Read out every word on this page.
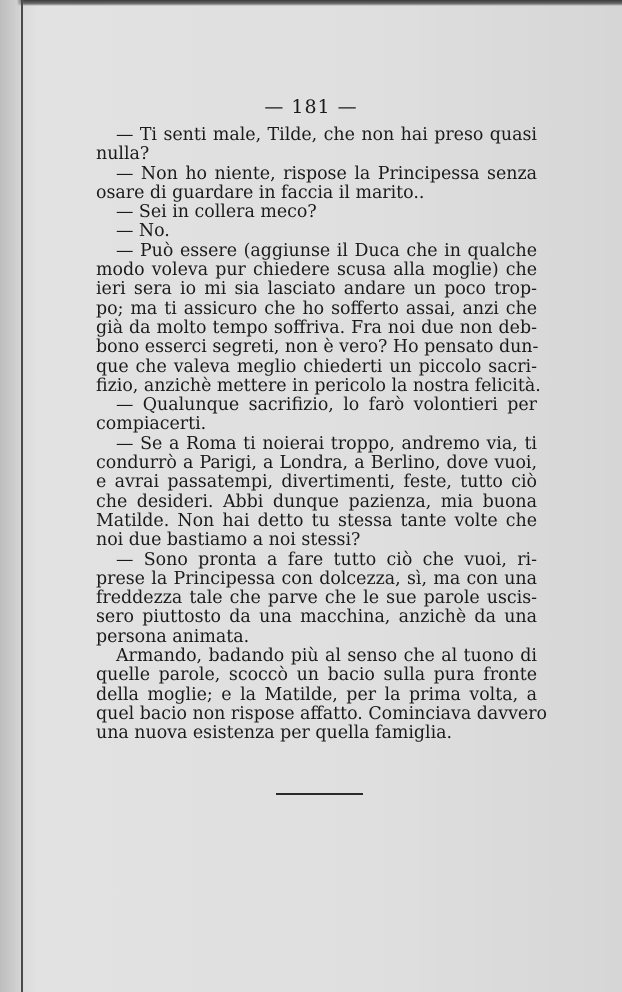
— 181 —
— Ti senti male, Tilde, che non hai preso quasi
nulla?
— Non ho niente, rispose la Principessa senza
osare di guardare in faccia il marito..
— Sei in collera meco?
— No.
— Può essere (aggiunse il Duca che in qualche
modo voleva pur chiedere scusa alla moglie) che
ieri sera io mi sia lasciato andare un poco trop-
po; ma ti assicuro che ho sofferto assai, anzi che
già da molto tempo soffriva. Fra noi due non deb-
bono esserci segreti, non è vero? Ho pensato dun-
que che valeva meglio chiederti un piccolo sacri-
fizio, anzichè mettere in pericolo la nostra felicità.
— Qualunque sacrifizio, lo farò volontieri per
compiacerti.
— Se a Roma ti noierai troppo, andremo via, ti
condurrò a Parigi, a Londra, a Berlino, dove vuoi,
e avrai passatempi, divertimenti, feste, tutto ciò
che desideri. Abbi dunque pazienza, mia buona
Matilde. Non hai detto tu stessa tante volte che
noi due bastiamo a noi stessi?
— Sono pronta a fare tutto ciò che vuoi, ri-
prese la Principessa con dolcezza, sì, ma con una
freddezza tale che parve che le sue parole uscis-
sero piuttosto da una macchina, anzichè da una
persona animata.
Armando, badando più al senso che al tuono di
quelle parole, scoccò un bacio sulla pura fronte
della moglie; e la Matilde, per la prima volta, a
quel bacio non rispose affatto. Cominciava davvero
una nuova esistenza per quella famiglia.
